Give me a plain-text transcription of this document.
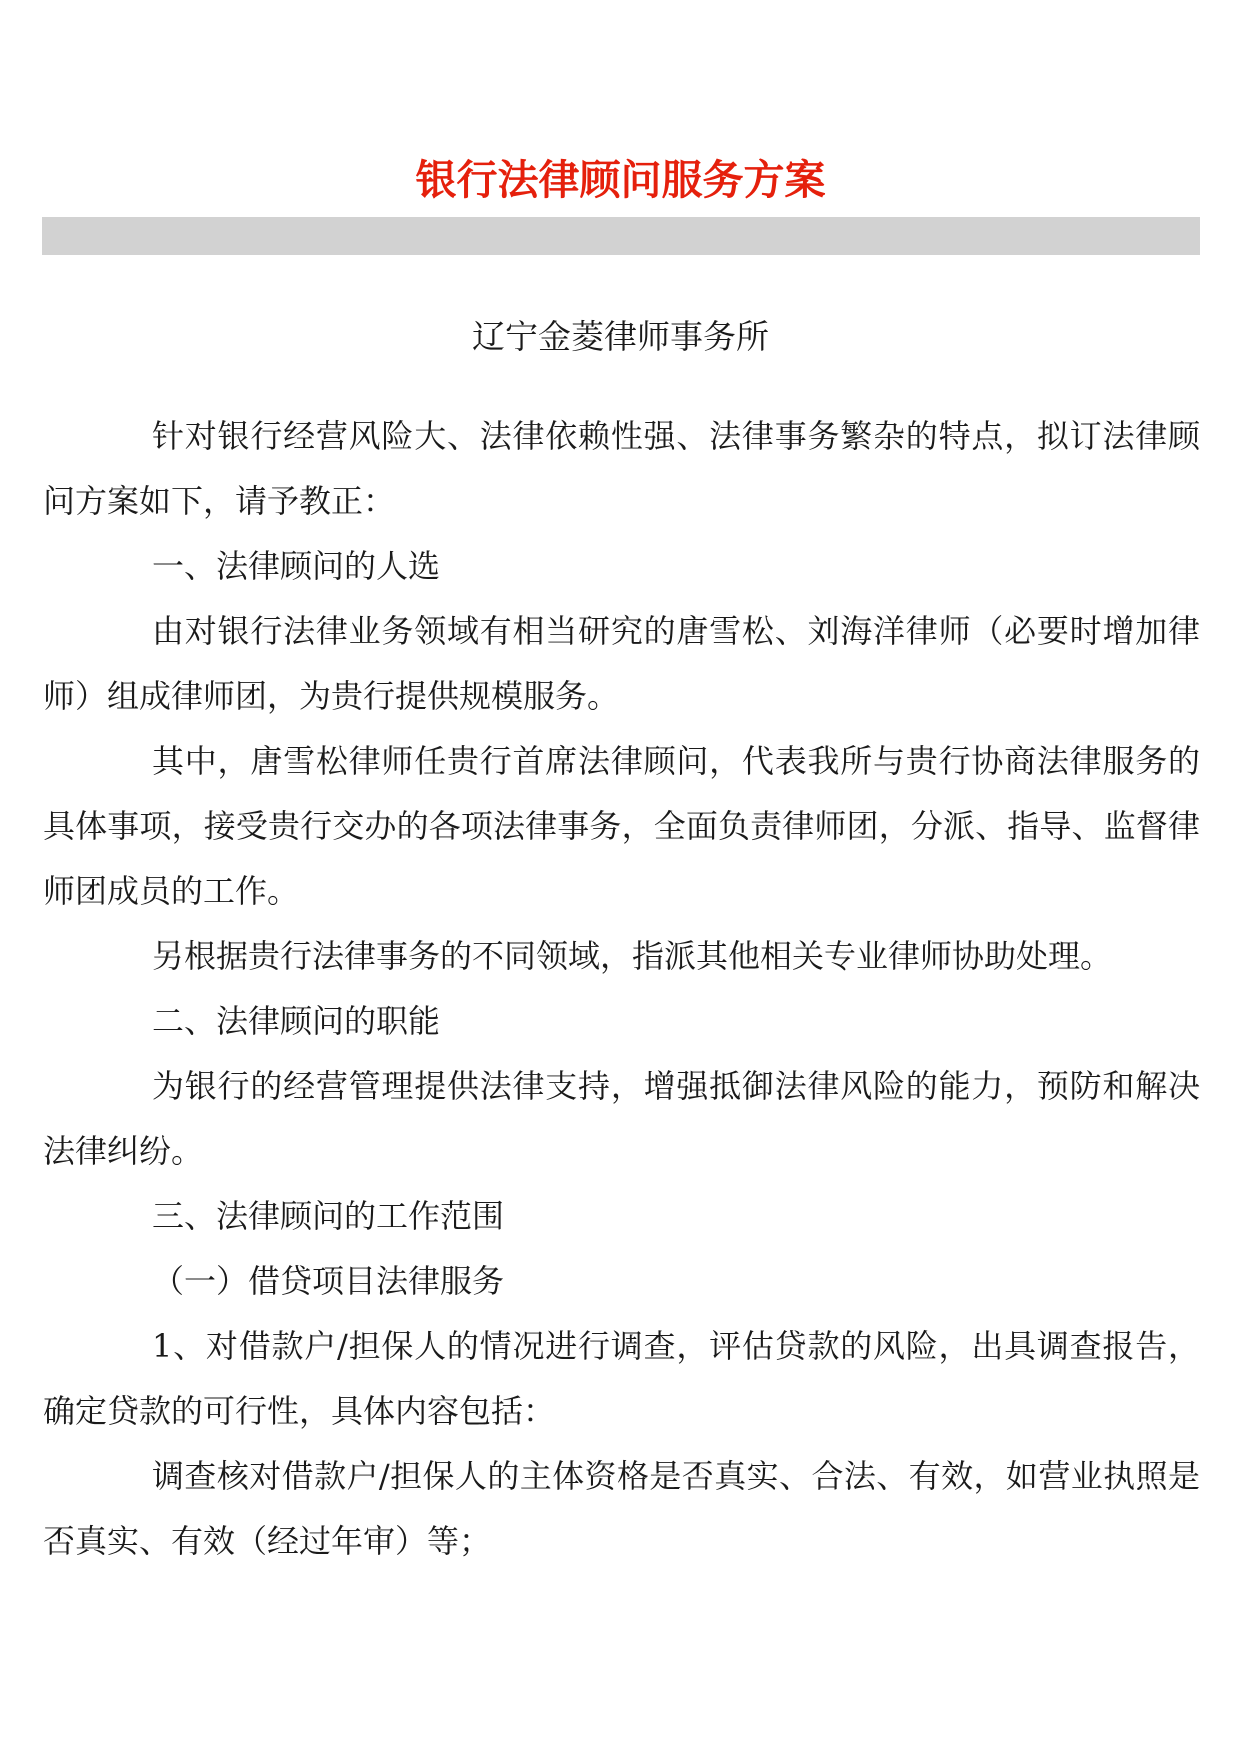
银行法律顾问服务方案
辽宁金菱律师事务所

针对银行经营风险大、法律依赖性强、法律事务繁杂的特点，拟订法律顾问方案如下，请予教正：

一、法律顾问的人选

由对银行法律业务领域有相当研究的唐雪松、刘海洋律师（必要时增加律师）组成律师团，为贵行提供规模服务。

其中，唐雪松律师任贵行首席法律顾问，代表我所与贵行协商法律服务的具体事项，接受贵行交办的各项法律事务，全面负责律师团，分派、指导、监督律师团成员的工作。

另根据贵行法律事务的不同领域，指派其他相关专业律师协助处理。

二、法律顾问的职能

为银行的经营管理提供法律支持，增强抵御法律风险的能力，预防和解决法律纠纷。

三、法律顾问的工作范围

（一）借贷项目法律服务

1、对借款户/担保人的情况进行调查，评估贷款的风险，出具调查报告，确定贷款的可行性，具体内容包括：

调查核对借款户/担保人的主体资格是否真实、合法、有效，如营业执照是否真实、有效（经过年审）等；
